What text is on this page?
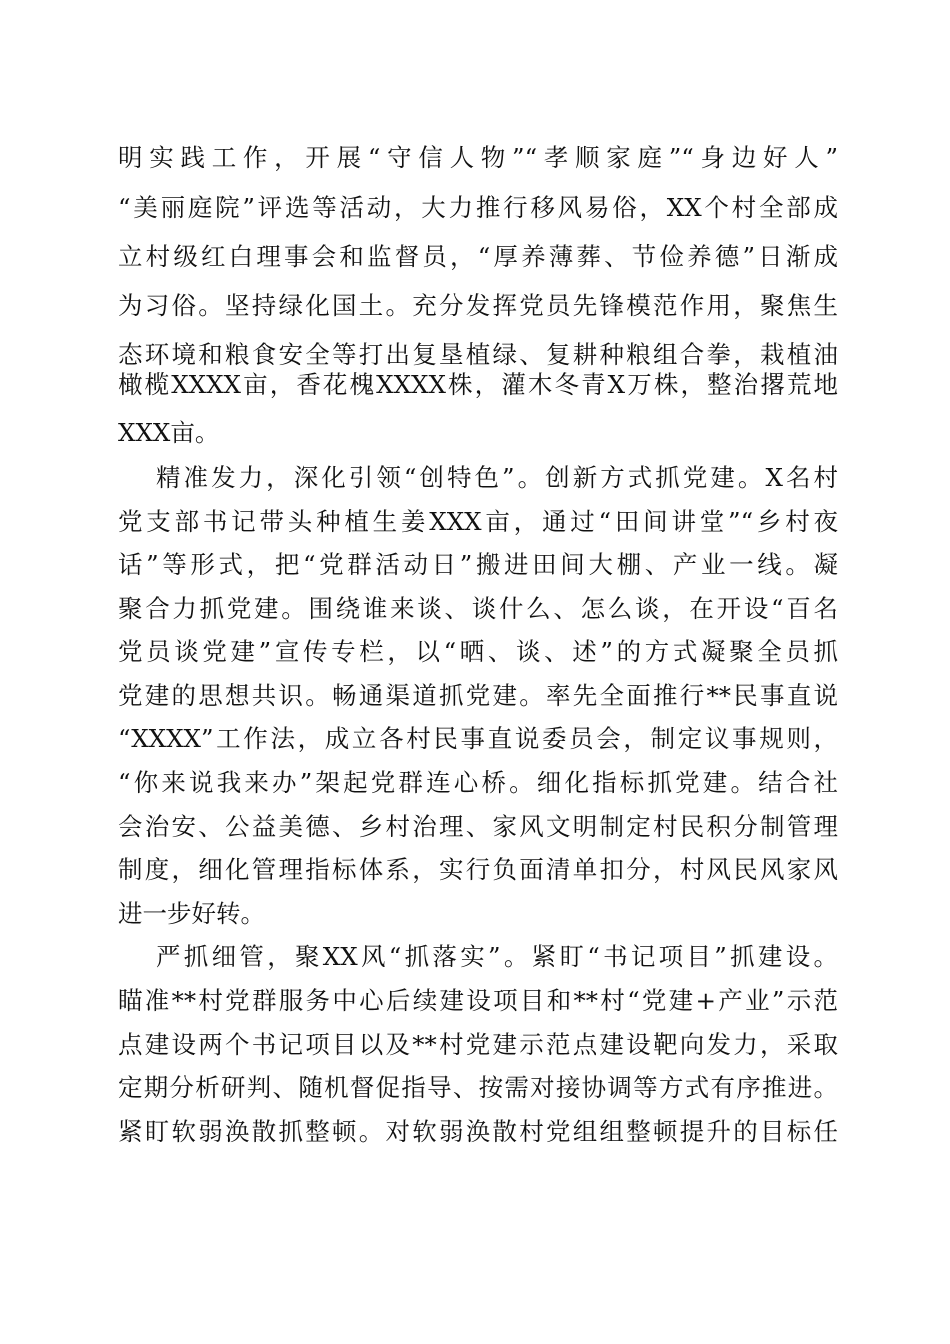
明实践工作，开展“守信人物”“孝顺家庭”“身边好人”
“美丽庭院”评选等活动，大力推行移风易俗，XX个村全部成
立村级红白理事会和监督员，“厚养薄葬、节俭养德”日渐成
为习俗。坚持绿化国土。充分发挥党员先锋模范作用，聚焦生
态环境和粮食安全等打出复垦植绿、复耕种粮组合拳，栽植油
橄榄XXXX亩，香花槐XXXX株，灌木冬青X万株，整治撂荒地
XXX亩。
精准发力，深化引领“创特色”。创新方式抓党建。X名村
党支部书记带头种植生姜XXX亩，通过“田间讲堂”“乡村夜
话”等形式，把“党群活动日”搬进田间大棚、产业一线。凝
聚合力抓党建。围绕谁来谈、谈什么、怎么谈，在开设“百名
党员谈党建”宣传专栏，以“晒、谈、述”的方式凝聚全员抓
党建的思想共识。畅通渠道抓党建。率先全面推行**民事直说
“XXXX”工作法，成立各村民事直说委员会，制定议事规则，
“你来说我来办”架起党群连心桥。细化指标抓党建。结合社
会治安、公益美德、乡村治理、家风文明制定村民积分制管理
制度，细化管理指标体系，实行负面清单扣分，村风民风家风
进一步好转。
严抓细管，聚XX风“抓落实”。紧盯“书记项目”抓建设。
瞄准**村党群服务中心后续建设项目和**村“党建+产业”示范
点建设两个书记项目以及**村党建示范点建设靶向发力，采取
定期分析研判、随机督促指导、按需对接协调等方式有序推进。
紧盯软弱涣散抓整顿。对软弱涣散村党组组整顿提升的目标任
